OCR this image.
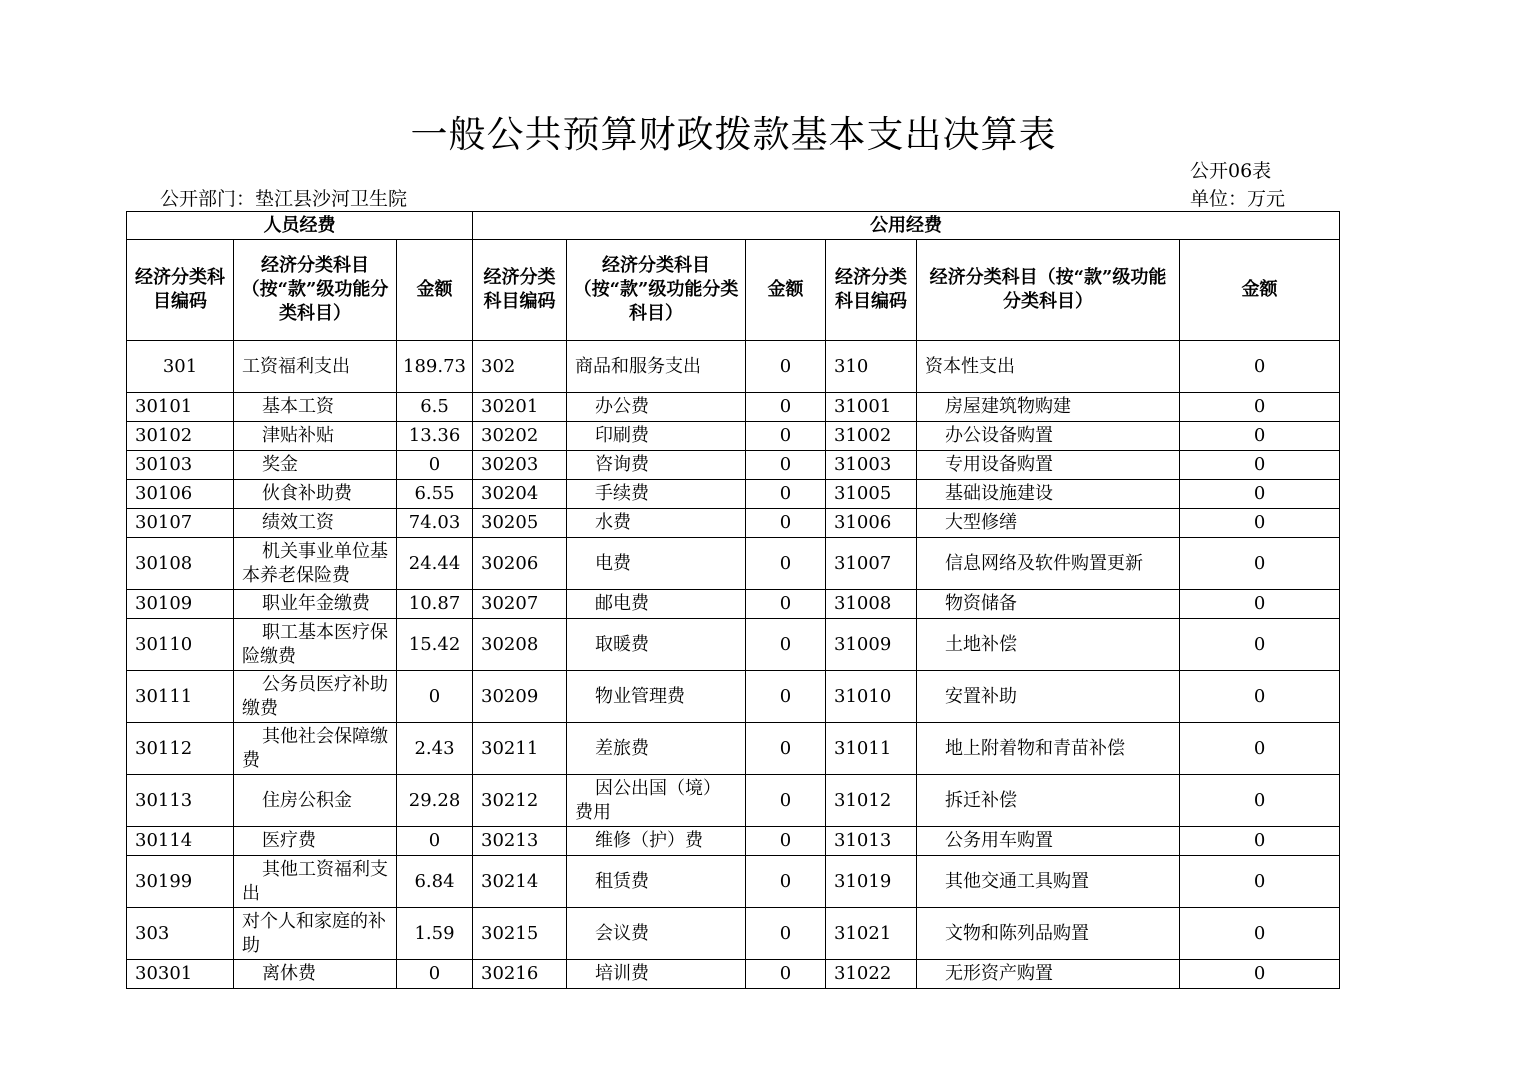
一般公共预算财政拨款基本支出决算表
公开06表
公开部门：垫江县沙河卫生院	单位：万元
人员经费			公用经费					
经济分类科目编码	经济分类科目（按“款”级功能分类科目）	金额	经济分类科目编码	经济分类科目（按“款”级功能分类科目）	金额	经济分类科目编码	经济分类科目（按“款”级功能分类科目）	金额
301	工资福利支出	189.73	302	商品和服务支出	0	310	资本性支出	0
30101	基本工资	6.5	30201	办公费	0	31001	房屋建筑物购建	0
30102	津贴补贴	13.36	30202	印刷费	0	31002	办公设备购置	0
30103	奖金	0	30203	咨询费	0	31003	专用设备购置	0
30106	伙食补助费	6.55	30204	手续费	0	31005	基础设施建设	0
30107	绩效工资	74.03	30205	水费	0	31006	大型修缮	0
30108	机关事业单位基本养老保险费	24.44	30206	电费	0	31007	信息网络及软件购置更新	0
30109	职业年金缴费	10.87	30207	邮电费	0	31008	物资储备	0
30110	职工基本医疗保险缴费	15.42	30208	取暖费	0	31009	土地补偿	0
30111	公务员医疗补助缴费	0	30209	物业管理费	0	31010	安置补助	0
30112	其他社会保障缴费	2.43	30211	差旅费	0	31011	地上附着物和青苗补偿	0
30113	住房公积金	29.28	30212	因公出国（境）费用	0	31012	拆迁补偿	0
30114	医疗费	0	30213	维修（护）费	0	31013	公务用车购置	0
30199	其他工资福利支出	6.84	30214	租赁费	0	31019	其他交通工具购置	0
303	对个人和家庭的补助	1.59	30215	会议费	0	31021	文物和陈列品购置	0
30301	离休费	0	30216	培训费	0	31022	无形资产购置	0
